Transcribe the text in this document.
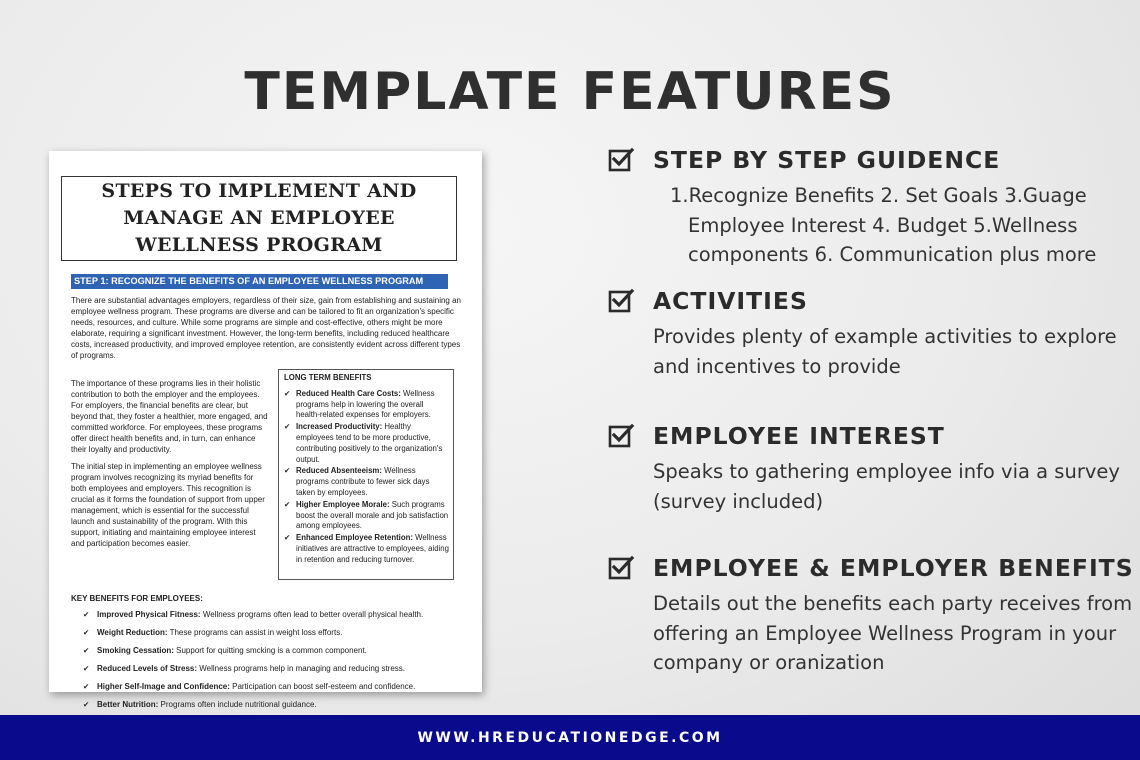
TEMPLATE FEATURES
STEPS TO IMPLEMENT AND MANAGE AN EMPLOYEE WELLNESS PROGRAM
STEP 1: RECOGNIZE THE BENEFITS OF AN EMPLOYEE WELLNESS PROGRAM
There are substantial advantages employers, regardless of their size, gain from establishing and sustaining an employee wellness program. These programs are diverse and can be tailored to fit an organization's specific needs, resources, and culture. While some programs are simple and cost-effective, others might be more elaborate, requiring a significant investment. However, the long-term benefits, including reduced healthcare costs, increased productivity, and improved employee retention, are consistently evident across different types of programs.
The importance of these programs lies in their holistic contribution to both the employer and the employees. For employers, the financial benefits are clear, but beyond that, they foster a healthier, more engaged, and committed workforce. For employees, these programs offer direct health benefits and, in turn, can enhance their loyalty and productivity.
The initial step in implementing an employee wellness program involves recognizing its myriad benefits for both employees and employers. This recognition is crucial as it forms the foundation of support from upper management, which is essential for the successful launch and sustainability of the program. With this support, initiating and maintaining employee interest and participation becomes easier.
LONG TERM BENEFITS
✔ Reduced Health Care Costs: Wellness programs help in lowering the overall health-related expenses for employers.
✔ Increased Productivity: Healthy employees tend to be more productive, contributing positively to the organization's output.
✔ Reduced Absenteeism: Wellness programs contribute to fewer sick days taken by employees.
✔ Higher Employee Morale: Such programs boost the overall morale and job satisfaction among employees.
✔ Enhanced Employee Retention: Wellness initiatives are attractive to employees, aiding in retention and reducing turnover.
KEY BENEFITS FOR EMPLOYEES:
✔ Improved Physical Fitness: Wellness programs often lead to better overall physical health.
✔ Weight Reduction: These programs can assist in weight loss efforts.
✔ Smoking Cessation: Support for quitting smcking is a common component.
✔ Reduced Levels of Stress: Wellness programs help in managing and reducing stress.
✔ Higher Self-Image and Confidence: Participation can boost self-esteem and confidence.
✔ Better Nutrition: Programs often include nutritional guidance.
STEP BY STEP GUIDENCE
1.Recognize Benefits 2. Set Goals 3.Guage Employee Interest 4. Budget 5.Wellness components 6. Communication plus more
ACTIVITIES
Provides plenty of example activities to explore and incentives to provide
EMPLOYEE INTEREST
Speaks to gathering employee info via a survey (survey included)
EMPLOYEE & EMPLOYER BENEFITS
Details out the benefits each party receives from offering an Employee Wellness Program in your company or oranization
WWW.HREDUCATIONEDGE.COM
